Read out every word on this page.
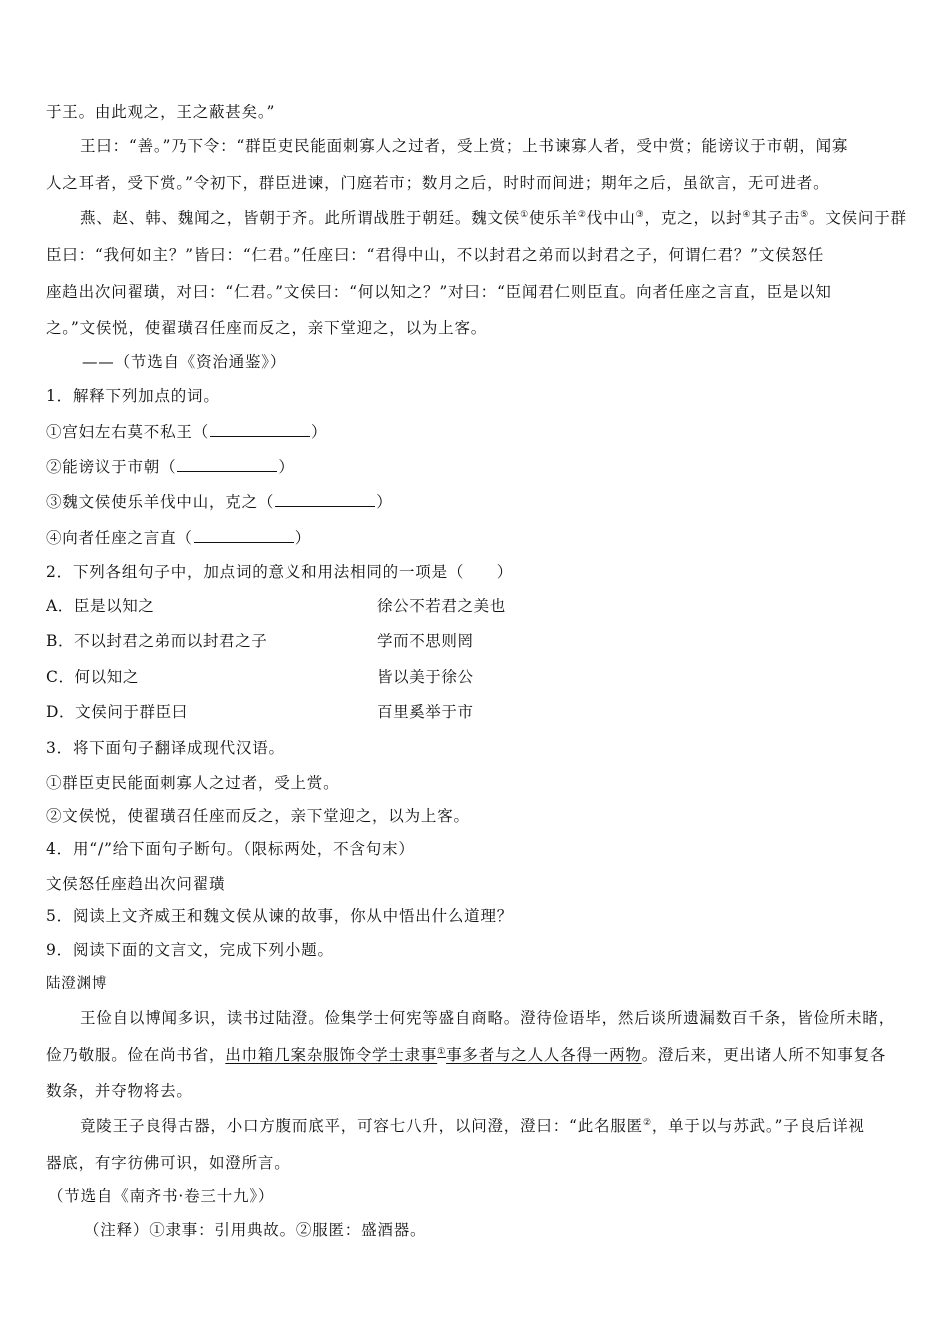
于王。由此观之，王之蔽甚矣。”
王曰：“善。”乃下令：“群臣吏民能面刺寡人之过者，受上赏；上书谏寡人者，受中赏；能谤议于市朝，闻寡
人之耳者，受下赏。”令初下，群臣进谏，门庭若市；数月之后，时时而间进；期年之后，虽欲言，无可进者。
燕、赵、韩、魏闻之，皆朝于齐。此所谓战胜于朝廷。魏文侯①使乐羊②伐中山③，克之，以封④其子击⑤。文侯问于群
臣曰：“我何如主？”皆曰：“仁君。”任座曰：“君得中山，不以封君之弟而以封君之子，何谓仁君？”文侯怒任
座趋出次问翟璜，对曰：“仁君。”文侯曰：“何以知之？”对曰：“臣闻君仁则臣直。向者任座之言直，臣是以知
之。”文侯悦，使翟璜召任座而反之，亲下堂迎之，以为上客。
——（节选自《资治通鉴》）
1．解释下列加点的词。
①宫妇左右莫不私王（	）
②能谤议于市朝（	）
③魏文侯使乐羊伐中山，克之（	）
④向者任座之言直（	）
2．下列各组句子中，加点词的意义和用法相同的一项是（　　）
A．臣是以知之	徐公不若君之美也
B．不以封君之弟而以封君之子	学而不思则罔
C．何以知之	皆以美于徐公
D．文侯问于群臣曰	百里奚举于市
3．将下面句子翻译成现代汉语。
①群臣吏民能面刺寡人之过者，受上赏。
②文侯悦，使翟璜召任座而反之，亲下堂迎之，以为上客。
4．用“/”给下面句子断句。（限标两处，不含句末）
文侯怒任座趋出次问翟璜
5．阅读上文齐威王和魏文侯从谏的故事，你从中悟出什么道理？
9．阅读下面的文言文，完成下列小题。
陆澄渊博
王俭自以博闻多识，读书过陆澄。俭集学士何宪等盛自商略。澄待俭语毕，然后谈所遗漏数百千条，皆俭所未睹，
俭乃敬服。俭在尚书省，出巾箱几案杂服饰令学士隶事①事多者与之人人各得一两物。澄后来，更出诸人所不知事复各
数条，并夺物将去。
竟陵王子良得古器，小口方腹而底平，可容七八升，以问澄，澄曰：“此名服匿②，单于以与苏武。”子良后详视
器底，有字彷佛可识，如澄所言。
（节选自《南齐书·卷三十九》）
（注释）①隶事：引用典故。②服匿：盛酒器。
